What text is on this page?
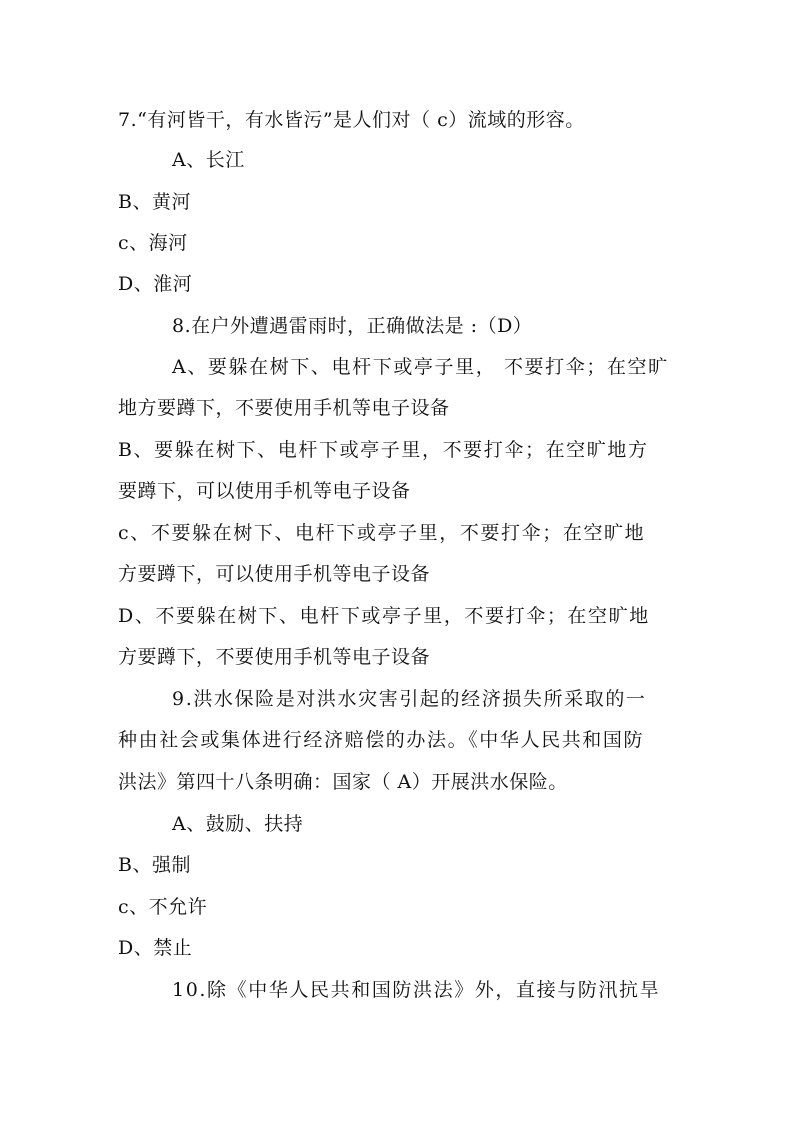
7.“有河皆干，有水皆污”是人们对（ c）流域的形容。
A、长江
B、黄河
c、海河
D、淮河
8.在户外遭遇雷雨时，正确做法是 :（D）
A、要躲在树下、电杆下或亭子里， 不要打伞；在空旷
地方要蹲下，不要使用手机等电子设备
B、要躲在树下、电杆下或亭子里，不要打伞；在空旷地方
要蹲下，可以使用手机等电子设备
c、不要躲在树下、电杆下或亭子里，不要打伞；在空旷地
方要蹲下，可以使用手机等电子设备
D、不要躲在树下、电杆下或亭子里，不要打伞；在空旷地
方要蹲下，不要使用手机等电子设备
9.洪水保险是对洪水灾害引起的经济损失所采取的一
种由社会或集体进行经济赔偿的办法。《中华人民共和国防
洪法》第四十八条明确：国家（ A）开展洪水保险。
A、鼓励、扶持
B、强制
c、不允许
D、禁止
10.除《中华人民共和国防洪法》外，直接与防汛抗旱
